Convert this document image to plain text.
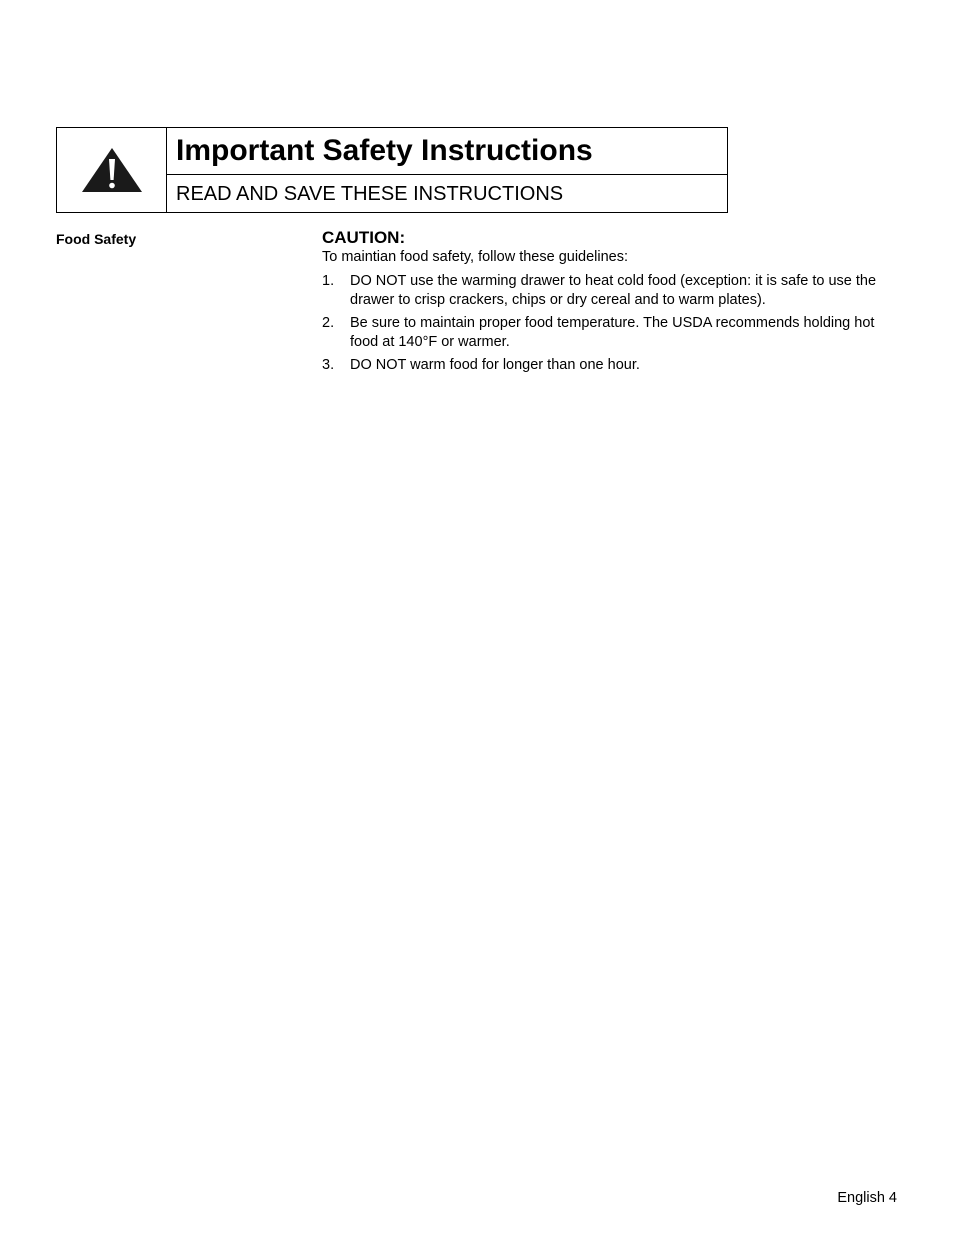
Important Safety Instructions
READ AND SAVE THESE INSTRUCTIONS
Food Safety	CAUTION:
To maintian food safety, follow these guidelines:
1.	DO NOT use the warming drawer to heat cold food (exception: it is safe to use the drawer to crisp crackers, chips or dry cereal and to warm plates).
2.	Be sure to maintain proper food temperature. The USDA recommends holding hot food at 140°F or warmer.
3.	DO NOT warm food for longer than one hour.
English 4
